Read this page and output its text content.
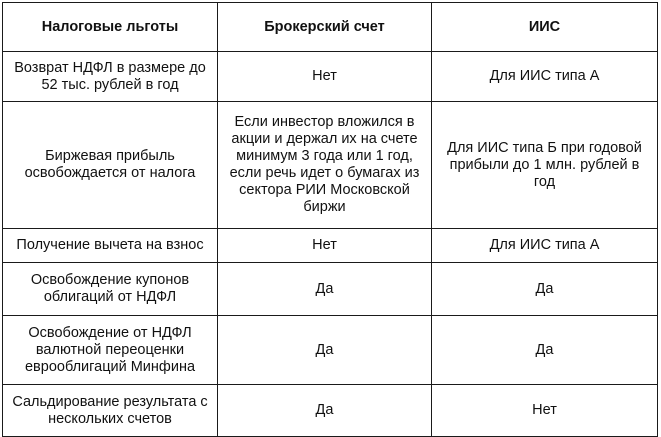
Налоговые льготы	Брокерский счет	ИИС
Возврат НДФЛ в размере до 52 тыс. рублей в год	Нет	Для ИИС типа А
Биржевая прибыль освобождается от налога	Если инвестор вложился в акции и держал их на счете минимум 3 года или 1 год, если речь идет о бумагах из сектора РИИ Московской биржи	Для ИИС типа Б при годовой прибыли до 1 млн. рублей в год
Получение вычета на взнос	Нет	Для ИИС типа А
Освобождение купонов облигаций от НДФЛ	Да	Да
Освобождение от НДФЛ валютной переоценки еврооблигаций Минфина	Да	Да
Сальдирование результата с нескольких счетов	Да	Нет
